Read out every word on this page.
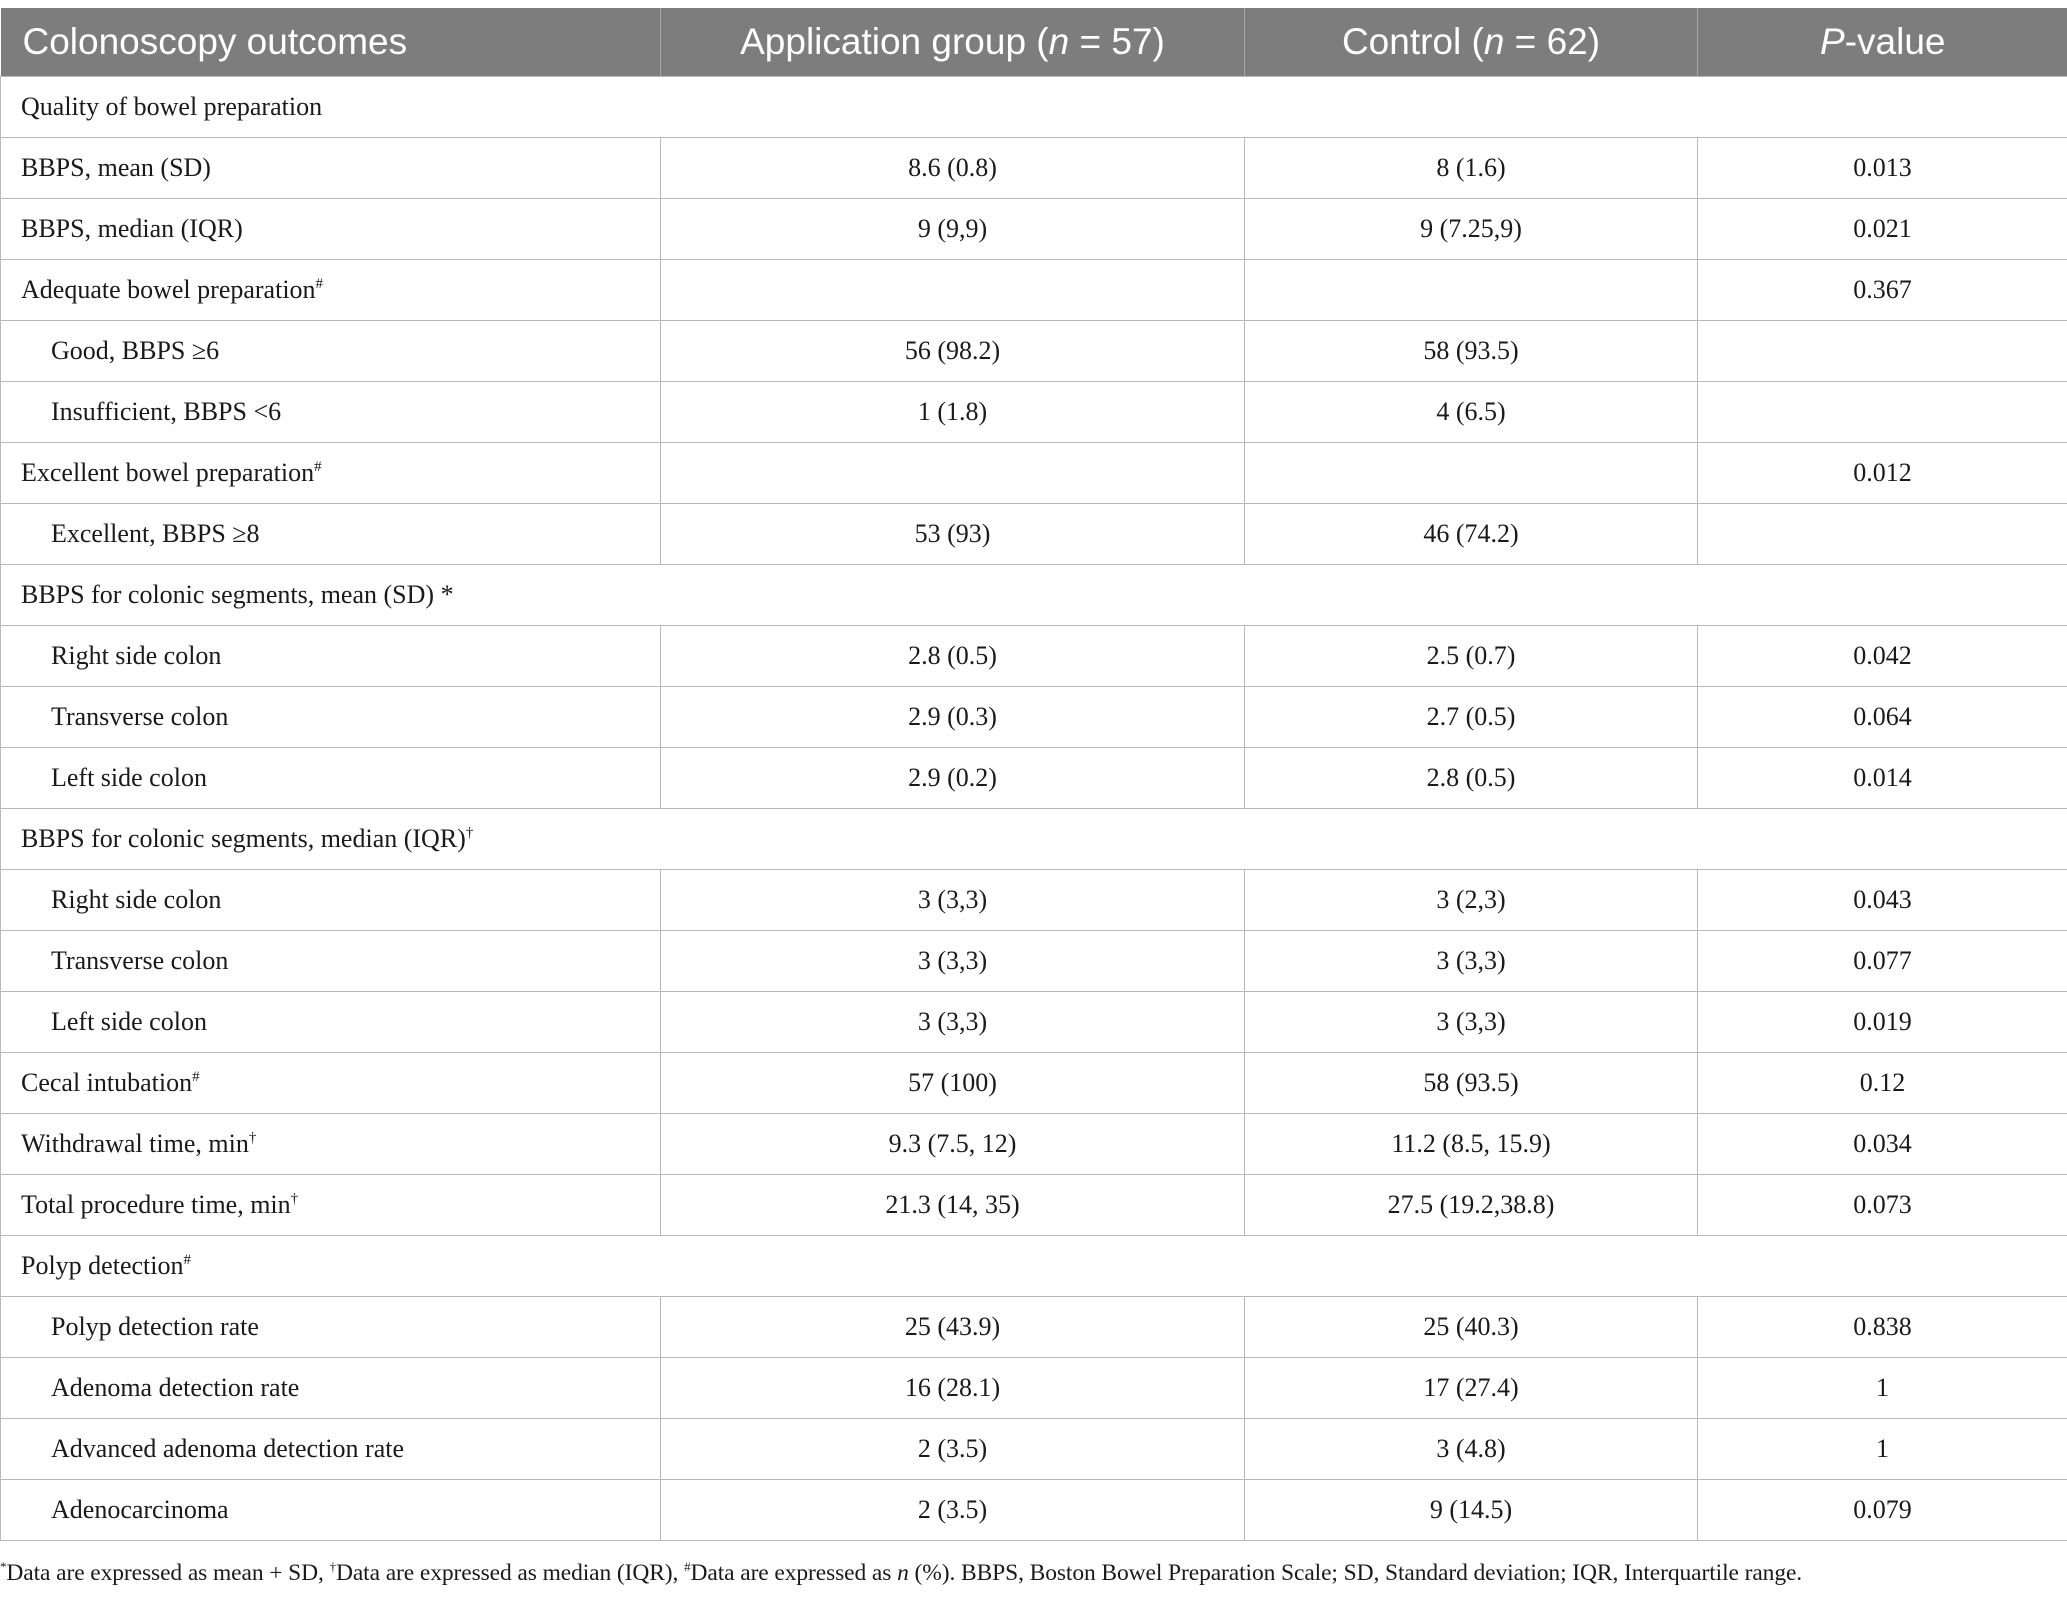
Colonoscopy outcomes	Application group (n = 57)	Control (n = 62)	P-value
Quality of bowel preparation			
BBPS, mean (SD)	8.6 (0.8)	8 (1.6)	0.013
BBPS, median (IQR)	9 (9,9)	9 (7.25,9)	0.021
Adequate bowel preparation#			0.367
Good, BBPS ≥6	56 (98.2)	58 (93.5)	
Insufficient, BBPS <6	1 (1.8)	4 (6.5)	
Excellent bowel preparation#			0.012
Excellent, BBPS ≥8	53 (93)	46 (74.2)	
BBPS for colonic segments, mean (SD) *			
Right side colon	2.8 (0.5)	2.5 (0.7)	0.042
Transverse colon	2.9 (0.3)	2.7 (0.5)	0.064
Left side colon	2.9 (0.2)	2.8 (0.5)	0.014
BBPS for colonic segments, median (IQR)†
Right side colon	3 (3,3)	3 (2,3)	0.043
Transverse colon	3 (3,3)	3 (3,3)	0.077
Left side colon	3 (3,3)	3 (3,3)	0.019
Cecal intubation#	57 (100)	58 (93.5)	0.12
Withdrawal time, min†	9.3 (7.5, 12)	11.2 (8.5, 15.9)	0.034
Total procedure time, min†	21.3 (14, 35)	27.5 (19.2,38.8)	0.073
Polyp detection#
Polyp detection rate	25 (43.9)	25 (40.3)	0.838
Adenoma detection rate	16 (28.1)	17 (27.4)	1
Advanced adenoma detection rate	2 (3.5)	3 (4.8)	1
Adenocarcinoma	2 (3.5)	9 (14.5)	0.079
*Data are expressed as mean + SD, †Data are expressed as median (IQR), #Data are expressed as n (%). BBPS, Boston Bowel Preparation Scale; SD, Standard deviation; IQR, Interquartile range.
